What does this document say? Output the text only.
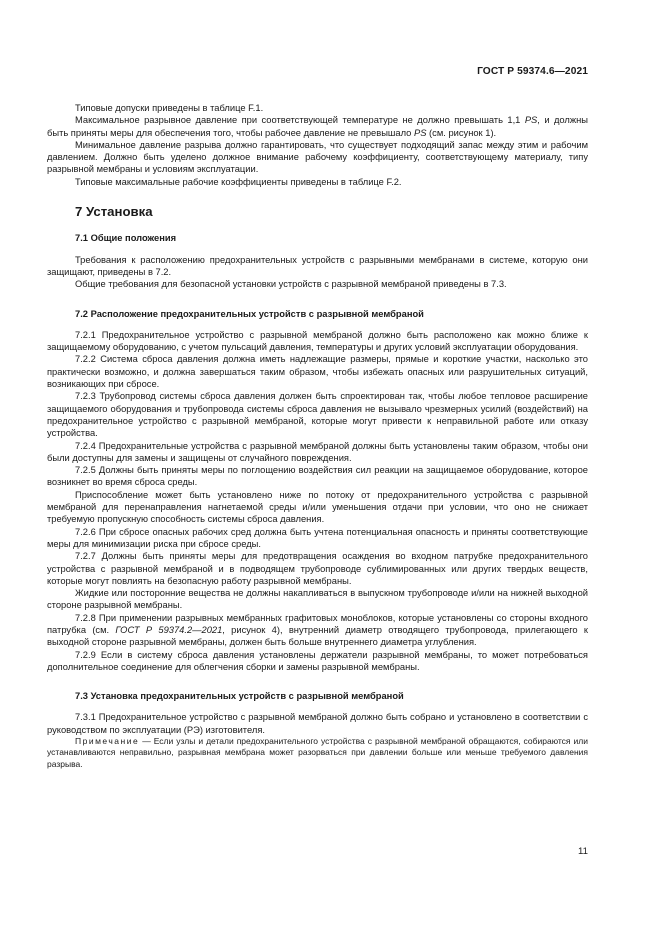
ГОСТ Р 59374.6—2021

Типовые допуски приведены в таблице F.1.

Максимальное разрывное давление при соответствующей температуре не должно превышать 1,1 PS, и должны быть приняты меры для обеспечения того, чтобы рабочее давление не превышало PS (см. рисунок 1).

Минимальное давление разрыва должно гарантировать, что существует подходящий запас между этим и рабочим давлением. Должно быть уделено должное внимание рабочему коэффициенту, соответствующему материалу, типу разрывной мембраны и условиям эксплуатации.

Типовые максимальные рабочие коэффициенты приведены в таблице F.2.

7 Установка
7.1 Общие положения

Требования к расположению предохранительных устройств с разрывными мембранами в системе, которую они защищают, приведены в 7.2.

Общие требования для безопасной установки устройств с разрывной мембраной приведены в 7.3.

7.2 Расположение предохранительных устройств с разрывной мембраной

7.2.1 Предохранительное устройство с разрывной мембраной должно быть расположено как можно ближе к защищаемому оборудованию, с учетом пульсаций давления, температуры и других условий эксплуатации оборудования.

7.2.2 Система сброса давления должна иметь надлежащие размеры, прямые и короткие участки, насколько это практически возможно, и должна завершаться таким образом, чтобы избежать опасных или разрушительных ситуаций, возникающих при сбросе.

7.2.3 Трубопровод системы сброса давления должен быть спроектирован так, чтобы любое тепловое расширение защищаемого оборудования и трубопровода системы сброса давления не вызывало чрезмерных усилий (воздействий) на предохранительное устройство с разрывной мембраной, которые могут привести к неправильной работе или отказу устройства.

7.2.4 Предохранительные устройства с разрывной мембраной должны быть установлены таким образом, чтобы они были доступны для замены и защищены от случайного повреждения.

7.2.5 Должны быть приняты меры по поглощению воздействия сил реакции на защищаемое оборудование, которое возникнет во время сброса среды.

Приспособление может быть установлено ниже по потоку от предохранительного устройства с разрывной мембраной для перенаправления нагнетаемой среды и/или уменьшения отдачи при условии, что оно не снижает требуемую пропускную способность системы сброса давления.

7.2.6 При сбросе опасных рабочих сред должна быть учтена потенциальная опасность и приняты соответствующие меры для минимизации риска при сбросе среды.

7.2.7 Должны быть приняты меры для предотвращения осаждения во входном патрубке предохранительного устройства с разрывной мембраной и в подводящем трубопроводе сублимированных или других твердых веществ, которые могут повлиять на безопасную работу разрывной мембраны.

Жидкие или посторонние вещества не должны накапливаться в выпускном трубопроводе и/или на нижней выходной стороне разрывной мембраны.

7.2.8 При применении разрывных мембранных графитовых моноблоков, которые установлены со стороны входного патрубка (см. ГОСТ Р 59374.2—2021, рисунок 4), внутренний диаметр отводящего трубопровода, прилегающего к выходной стороне разрывной мембраны, должен быть больше внутреннего диаметра углубления.

7.2.9 Если в систему сброса давления установлены держатели разрывной мембраны, то может потребоваться дополнительное соединение для облегчения сборки и замены разрывной мембраны.

7.3 Установка предохранительных устройств с разрывной мембраной

7.3.1 Предохранительное устройство с разрывной мембраной должно быть собрано и установлено в соответствии с руководством по эксплуатации (РЭ) изготовителя.

Примечание — Если узлы и детали предохранительного устройства с разрывной мембраной обращаются, собираются или устанавливаются неправильно, разрывная мембрана может разорваться при давлении больше или меньше требуемого давления разрыва.

11
